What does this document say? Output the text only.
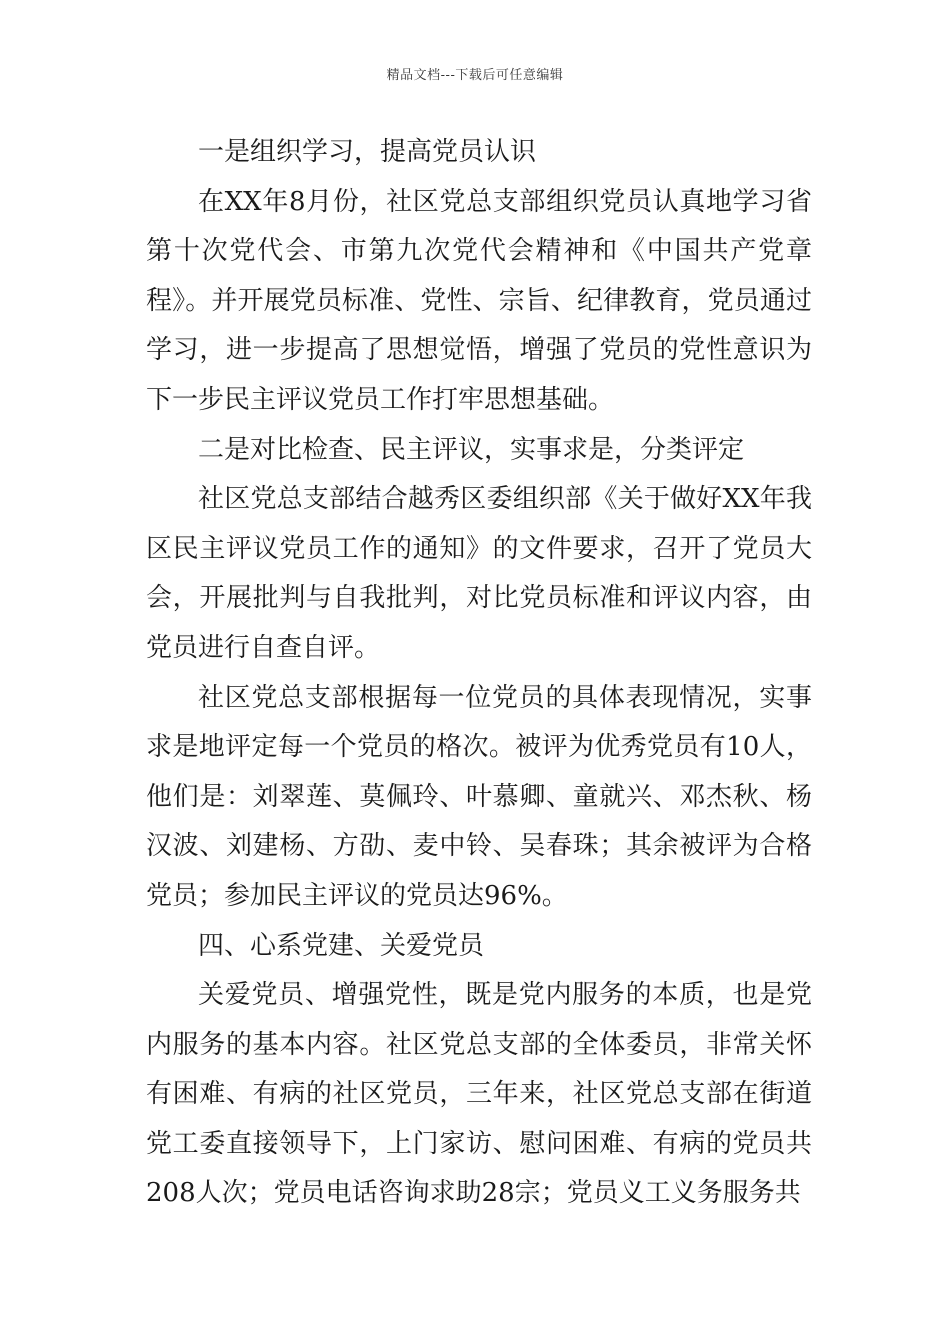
精品文档---下载后可任意编辑

一是组织学习，提高党员认识

在XX年8月份，社区党总支部组织党员认真地学习省第十次党代会、市第九次党代会精神和《中国共产党章程》。并开展党员标准、党性、宗旨、纪律教育，党员通过学习，进一步提高了思想觉悟，增强了党员的党性意识为下一步民主评议党员工作打牢思想基础。

二是对比检查、民主评议，实事求是，分类评定

社区党总支部结合越秀区委组织部《关于做好XX年我区民主评议党员工作的通知》的文件要求，召开了党员大会，开展批判与自我批判，对比党员标准和评议内容，由党员进行自查自评。

社区党总支部根据每一位党员的具体表现情况，实事求是地评定每一个党员的格次。被评为优秀党员有10人，他们是：刘翠莲、莫佩玲、叶慕卿、童就兴、邓杰秋、杨汉波、刘建杨、方劭、麦中铃、吴春珠；其余被评为合格党员；参加民主评议的党员达96%。

四、心系党建、关爱党员

关爱党员、增强党性，既是党内服务的本质，也是党内服务的基本内容。社区党总支部的全体委员，非常关怀有困难、有病的社区党员，三年来，社区党总支部在街道党工委直接领导下，上门家访、慰问困难、有病的党员共208人次；党员电话咨询求助28宗；党员义工义务服务共
